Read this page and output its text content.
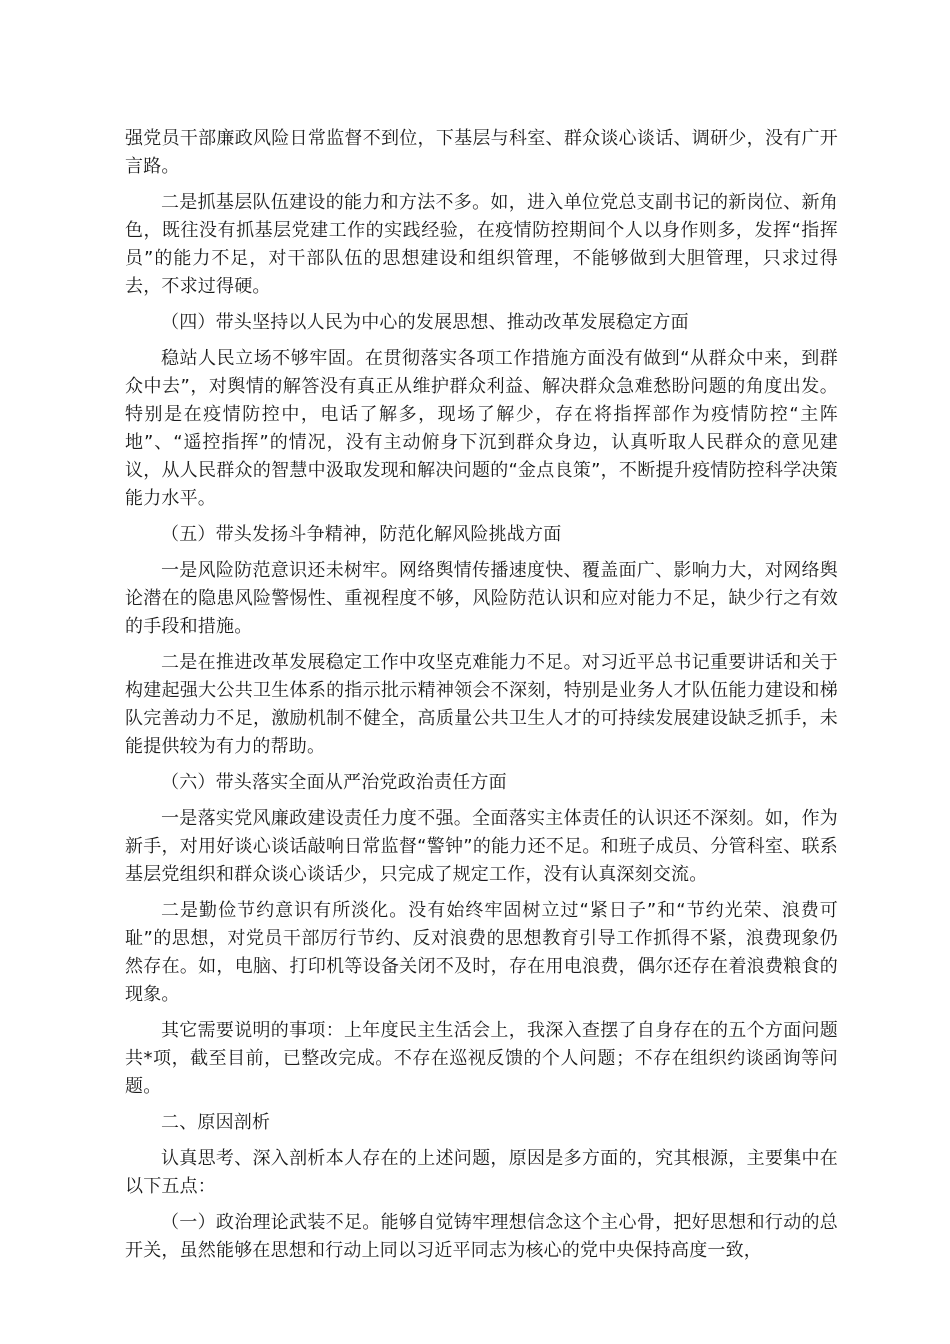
强党员干部廉政风险日常监督不到位，下基层与科室、群众谈心谈话、调研少，没有广开言路。

二是抓基层队伍建设的能力和方法不多。如，进入单位党总支副书记的新岗位、新角色，既往没有抓基层党建工作的实践经验，在疫情防控期间个人以身作则多，发挥“指挥员”的能力不足，对干部队伍的思想建设和组织管理，不能够做到大胆管理，只求过得去，不求过得硬。

（四）带头坚持以人民为中心的发展思想、推动改革发展稳定方面

稳站人民立场不够牢固。在贯彻落实各项工作措施方面没有做到“从群众中来，到群众中去”，对舆情的解答没有真正从维护群众利益、解决群众急难愁盼问题的角度出发。特别是在疫情防控中，电话了解多，现场了解少，存在将指挥部作为疫情防控“主阵地”、“遥控指挥”的情况，没有主动俯身下沉到群众身边，认真听取人民群众的意见建议，从人民群众的智慧中汲取发现和解决问题的“金点良策”，不断提升疫情防控科学决策能力水平。

（五）带头发扬斗争精神，防范化解风险挑战方面

一是风险防范意识还未树牢。网络舆情传播速度快、覆盖面广、影响力大，对网络舆论潜在的隐患风险警惕性、重视程度不够，风险防范认识和应对能力不足，缺少行之有效的手段和措施。

二是在推进改革发展稳定工作中攻坚克难能力不足。对习近平总书记重要讲话和关于构建起强大公共卫生体系的指示批示精神领会不深刻，特别是业务人才队伍能力建设和梯队完善动力不足，激励机制不健全，高质量公共卫生人才的可持续发展建设缺乏抓手，未能提供较为有力的帮助。

（六）带头落实全面从严治党政治责任方面

一是落实党风廉政建设责任力度不强。全面落实主体责任的认识还不深刻。如，作为新手，对用好谈心谈话敲响日常监督“警钟”的能力还不足。和班子成员、分管科室、联系基层党组织和群众谈心谈话少，只完成了规定工作，没有认真深刻交流。

二是勤俭节约意识有所淡化。没有始终牢固树立过“紧日子”和“节约光荣、浪费可耻”的思想，对党员干部厉行节约、反对浪费的思想教育引导工作抓得不紧，浪费现象仍然存在。如，电脑、打印机等设备关闭不及时，存在用电浪费，偶尔还存在着浪费粮食的现象。

其它需要说明的事项：上年度民主生活会上，我深入查摆了自身存在的五个方面问题共*项，截至目前，已整改完成。不存在巡视反馈的个人问题；不存在组织约谈函询等问题。

二、原因剖析

认真思考、深入剖析本人存在的上述问题，原因是多方面的，究其根源，主要集中在以下五点：

（一）政治理论武装不足。能够自觉铸牢理想信念这个主心骨，把好思想和行动的总开关，虽然能够在思想和行动上同以习近平同志为核心的党中央保持高度一致，
